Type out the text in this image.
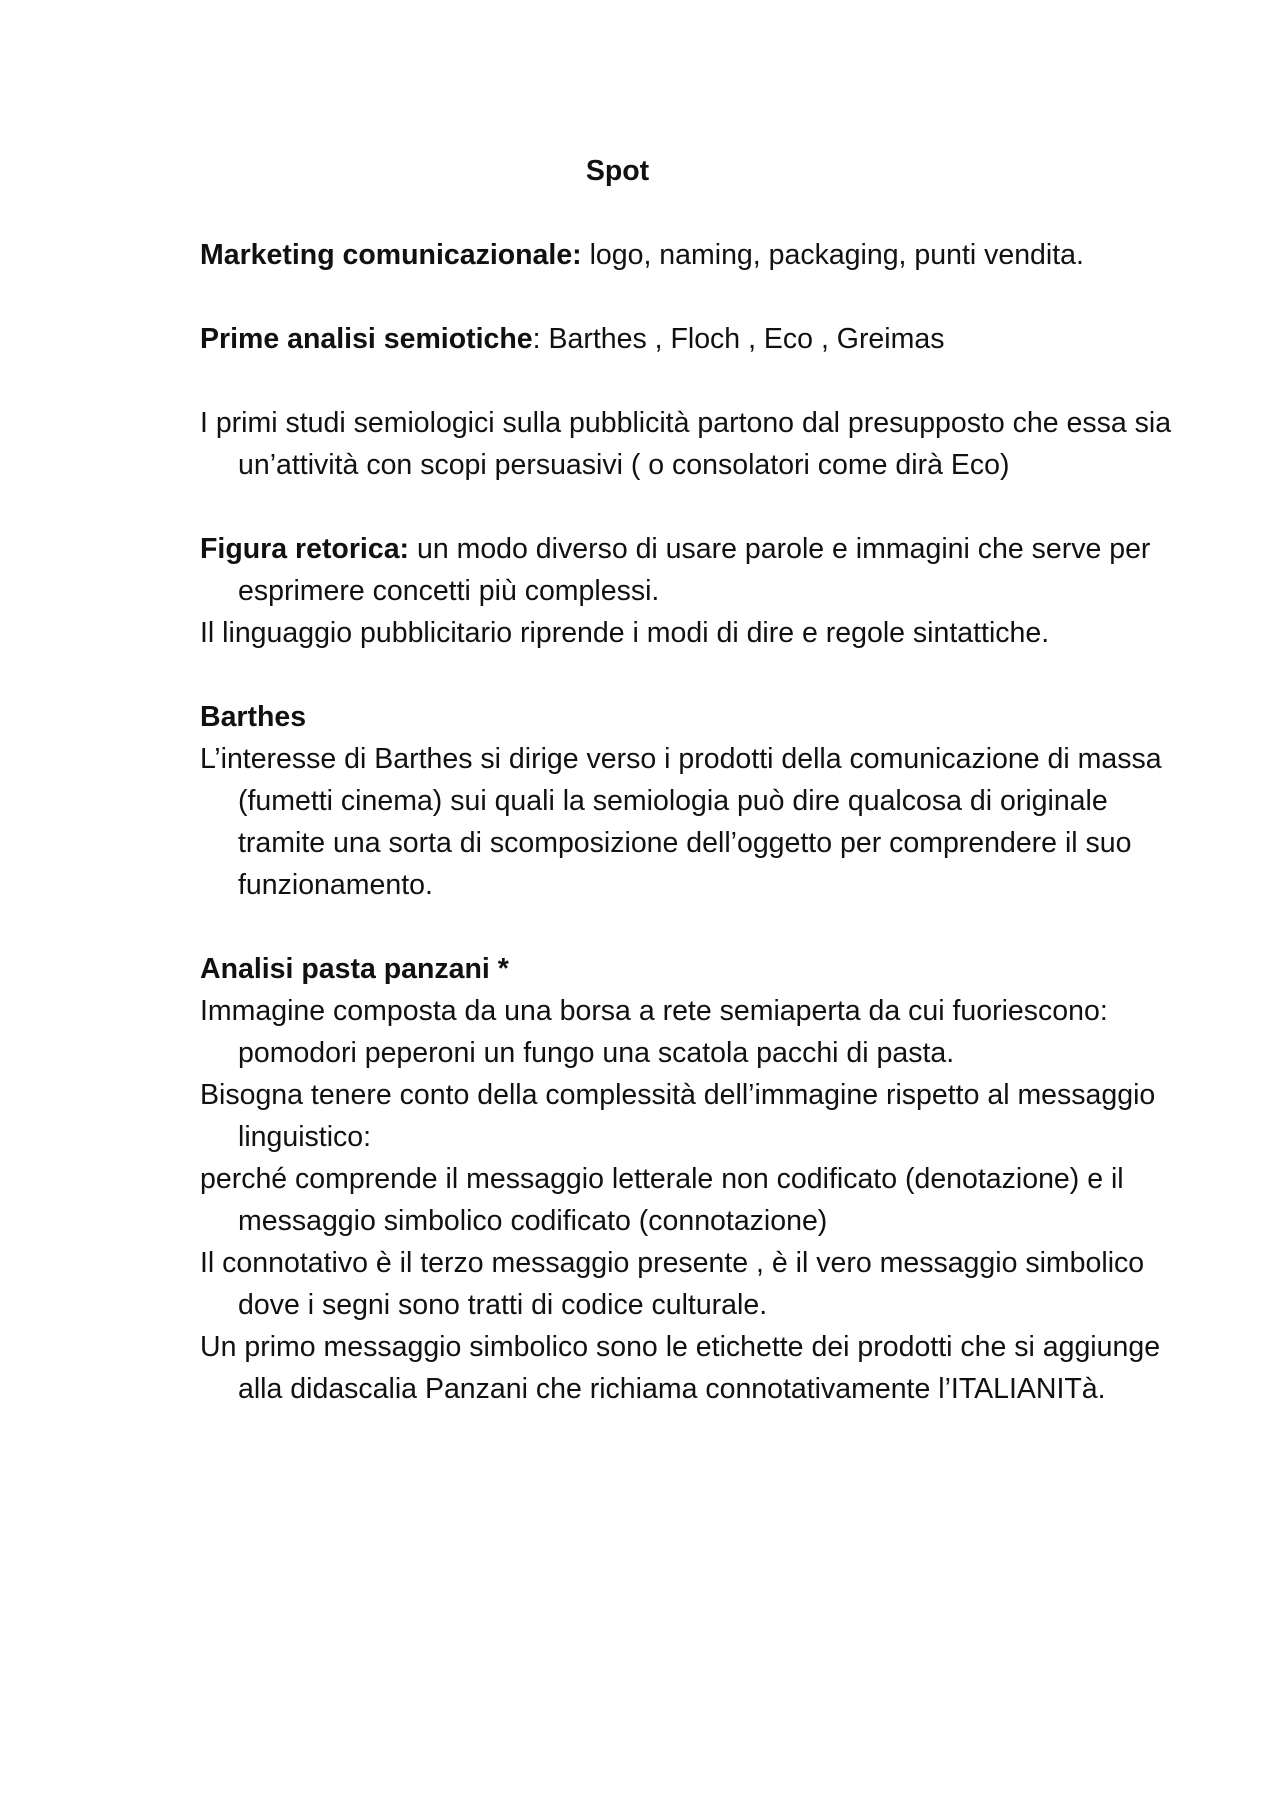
Spot

Marketing comunicazionale: logo, naming, packaging, punti vendita.

Prime analisi semiotiche: Barthes , Floch , Eco , Greimas

I primi studi semiologici sulla pubblicità partono dal presupposto che essa sia un’attività con scopi persuasivi ( o consolatori come dirà Eco)

Figura retorica: un modo diverso di usare parole e immagini che serve per esprimere concetti più complessi.

Il linguaggio pubblicitario riprende i modi di dire e regole sintattiche.

Barthes

L’interesse di Barthes si dirige verso i prodotti della comunicazione di massa (fumetti cinema) sui quali la semiologia può dire qualcosa di originale tramite una sorta di scomposizione dell’oggetto per comprendere il suo funzionamento.

Analisi pasta panzani *

Immagine composta da una borsa a rete semiaperta da cui fuoriescono: pomodori peperoni un fungo una scatola pacchi di pasta.

Bisogna tenere conto della complessità dell’immagine rispetto al messaggio linguistico:

perché comprende il messaggio letterale non codificato (denotazione) e il messaggio simbolico codificato (connotazione)

Il connotativo è il terzo messaggio presente , è il vero messaggio simbolico dove i segni sono tratti di codice culturale.

Un primo messaggio simbolico sono le etichette dei prodotti che si aggiunge alla didascalia Panzani che richiama connotativamente l’ITALIANITà.
